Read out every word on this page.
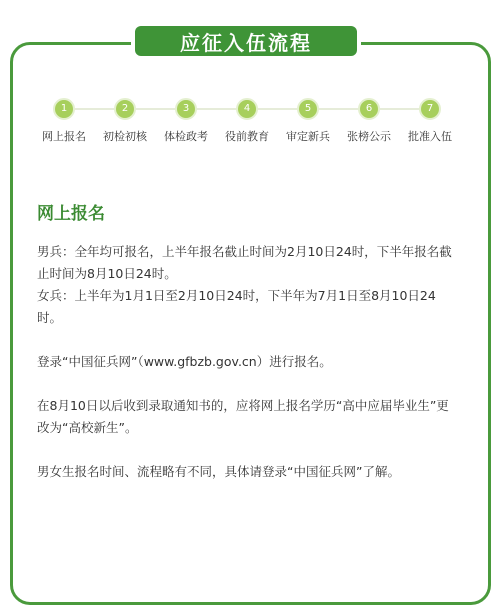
应征入伍流程
1
网上报名
2
初检初核
3
体检政考
4
役前教育
5
审定新兵
6
张榜公示
7
批准入伍
网上报名

男兵：全年均可报名，上半年报名截止时间为2月10日24时，下半年报名截止时间为8月10日24时。

女兵：上半年为1月1日至2月10日24时，下半年为7月1日至8月10日24时。

登录“中国征兵网”（www.gfbzb.gov.cn）进行报名。

在8月10日以后收到录取通知书的，应将网上报名学历“高中应届毕业生”更改为“高校新生”。

男女生报名时间、流程略有不同，具体请登录“中国征兵网”了解。
